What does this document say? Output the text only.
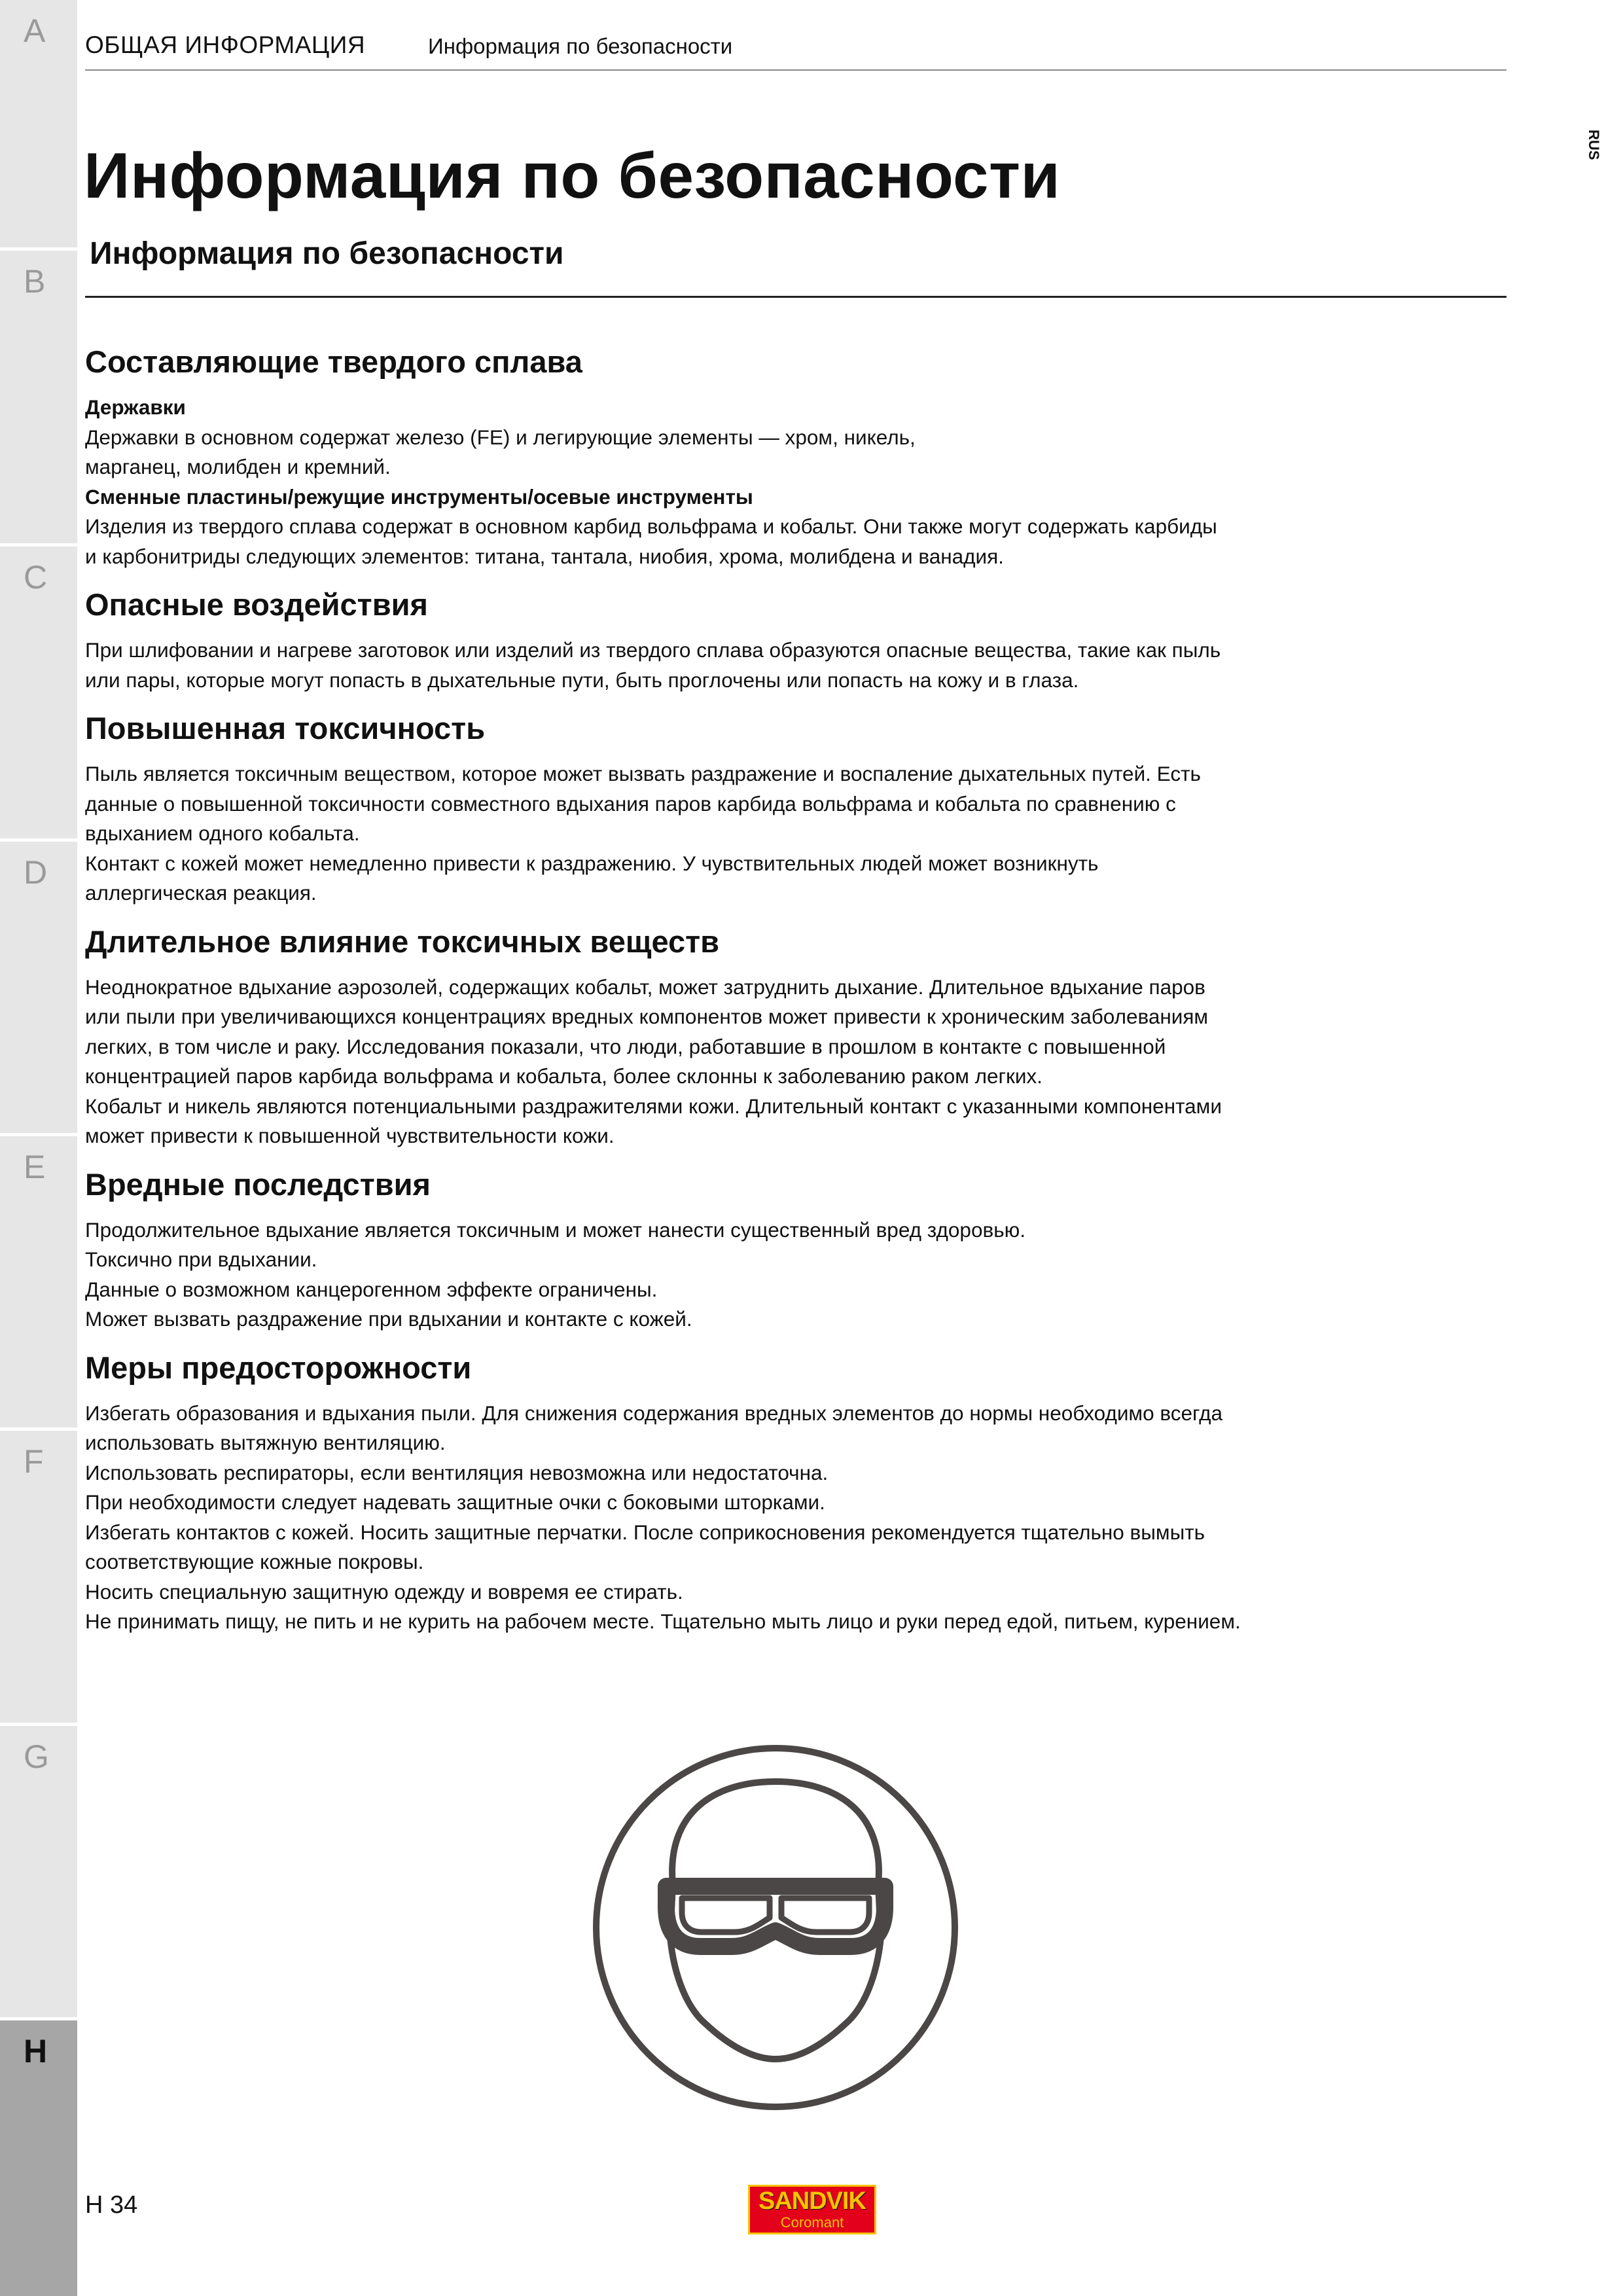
A
B
C
D
E
F
G
H
ОБЩАЯ ИНФОРМАЦИЯ	Информация по безопасности
RUS
Информация по безопасности
Информация по безопасности
Составляющие твердого сплава

Державки

Державки в основном содержат железо (FE) и легирующие элементы — хром, никель,

марганец, молибден и кремний.

Сменные пластины/режущие инструменты/осевые инструменты

Изделия из твердого сплава содержат в основном карбид вольфрама и кобальт. Они также могут содержать карбиды

и карбонитриды следующих элементов: титана, тантала, ниобия, хрома, молибдена и ванадия.

Опасные воздействия

При шлифовании и нагреве заготовок или изделий из твердого сплава образуются опасные вещества, такие как пыль

или пары, которые могут попасть в дыхательные пути, быть проглочены или попасть на кожу и в глаза.

Повышенная токсичность

Пыль является токсичным веществом, которое может вызвать раздражение и воспаление дыхательных путей. Есть

данные о повышенной токсичности совместного вдыхания паров карбида вольфрама и кобальта по сравнению с

вдыханием одного кобальта.

Контакт с кожей может немедленно привести к раздражению. У чувствительных людей может возникнуть

аллергическая реакция.

Длительное влияние токсичных веществ

Неоднократное вдыхание аэрозолей, содержащих кобальт, может затруднить дыхание. Длительное вдыхание паров

или пыли при увеличивающихся концентрациях вредных компонентов может привести к хроническим заболеваниям

легких, в том числе и раку. Исследования показали, что люди, работавшие в прошлом в контакте с повышенной

концентрацией паров карбида вольфрама и кобальта, более склонны к заболеванию раком легких.

Кобальт и никель являются потенциальными раздражителями кожи. Длительный контакт с указанными компонентами

может привести к повышенной чувствительности кожи.

Вредные последствия

Продолжительное вдыхание является токсичным и может нанести существенный вред здоровью.

Токсично при вдыхании.

Данные о возможном канцерогенном эффекте ограничены.

Может вызвать раздражение при вдыхании и контакте с кожей.

Меры предосторожности

Избегать образования и вдыхания пыли. Для снижения содержания вредных элементов до нормы необходимо всегда

использовать вытяжную вентиляцию.

Использовать респираторы, если вентиляция невозможна или недостаточна.

При необходимости следует надевать защитные очки с боковыми шторками.

Избегать контактов с кожей. Носить защитные перчатки. После соприкосновения рекомендуется тщательно вымыть

соответствующие кожные покровы.

Носить специальную защитную одежду и вовремя ее стирать.

Не принимать пищу, не пить и не курить на рабочем месте. Тщательно мыть лицо и руки перед едой, питьем, курением.

H 34	SANDVIK
Coromant
